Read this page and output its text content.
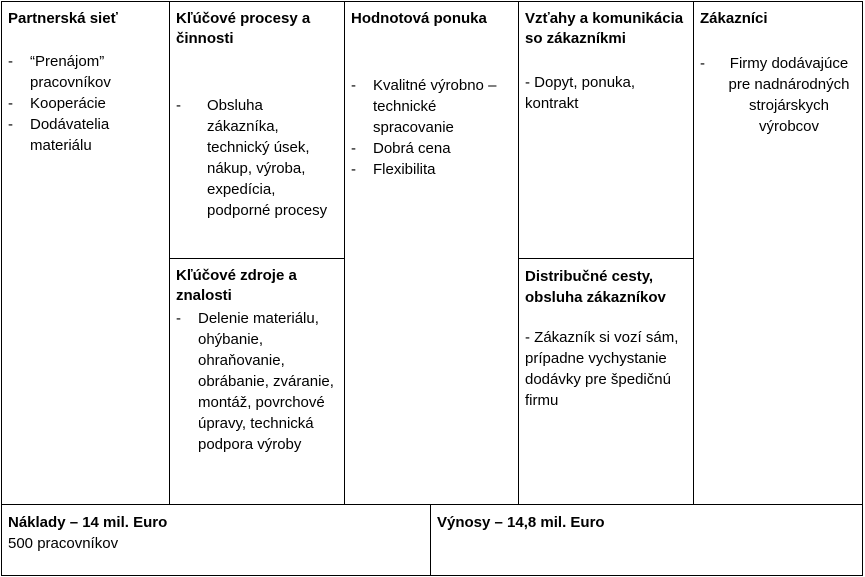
Partnerská sieť

- “Prenájom” pracovníkov
- Kooperácie
- Dodávatelia materiálu

Kľúčové procesy a činnosti

- Obsluha zákazníka, technický úsek, nákup, výroba, expedícia, podporné procesy

Kľúčové zdroje a znalosti

- Delenie materiálu, ohýbanie, ohraňovanie, obrábanie, zváranie, montáž, povrchové úpravy, technická podpora výroby

Hodnotová ponuka

- Kvalitné výrobno – technické spracovanie
- Dobrá cena
- Flexibilita

Vzťahy a komunikácia so zákazníkmi

- Dopyt, ponuka, kontrakt

Distribučné cesty, obsluha zákazníkov

- Zákazník si vozí sám, prípadne vychystanie dodávky pre špedičnú firmu

Zákazníci

- Firmy dodávajúce pre nadnárodných strojárskych výrobcov

Náklady – 14 mil. Euro

500 pracovníkov

Výnosy – 14,8 mil. Euro
